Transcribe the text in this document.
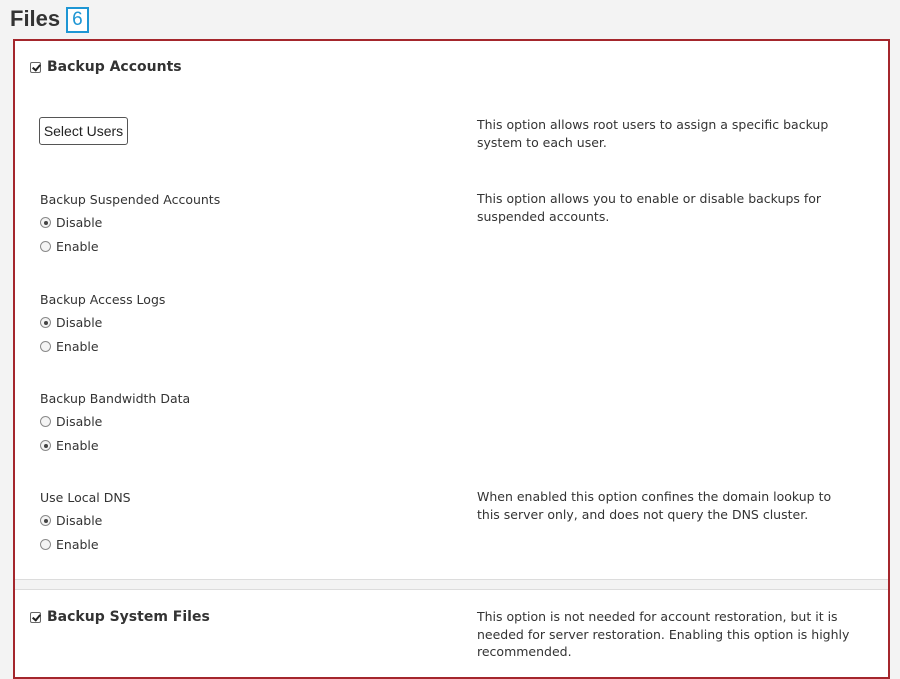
Files 6
Backup Accounts
Select Users	This option allows root users to assign a specific backup system to each user.
Backup Suspended Accounts
Disable
Enable
This option allows you to enable or disable backups for suspended accounts.
Backup Access Logs
Disable
Enable
Backup Bandwidth Data
Disable
Enable
Use Local DNS
Disable
Enable
When enabled this option confines the domain lookup to this server only, and does not query the DNS cluster.
Backup System Files	This option is not needed for account restoration, but it is needed for server restoration. Enabling this option is highly recommended.
